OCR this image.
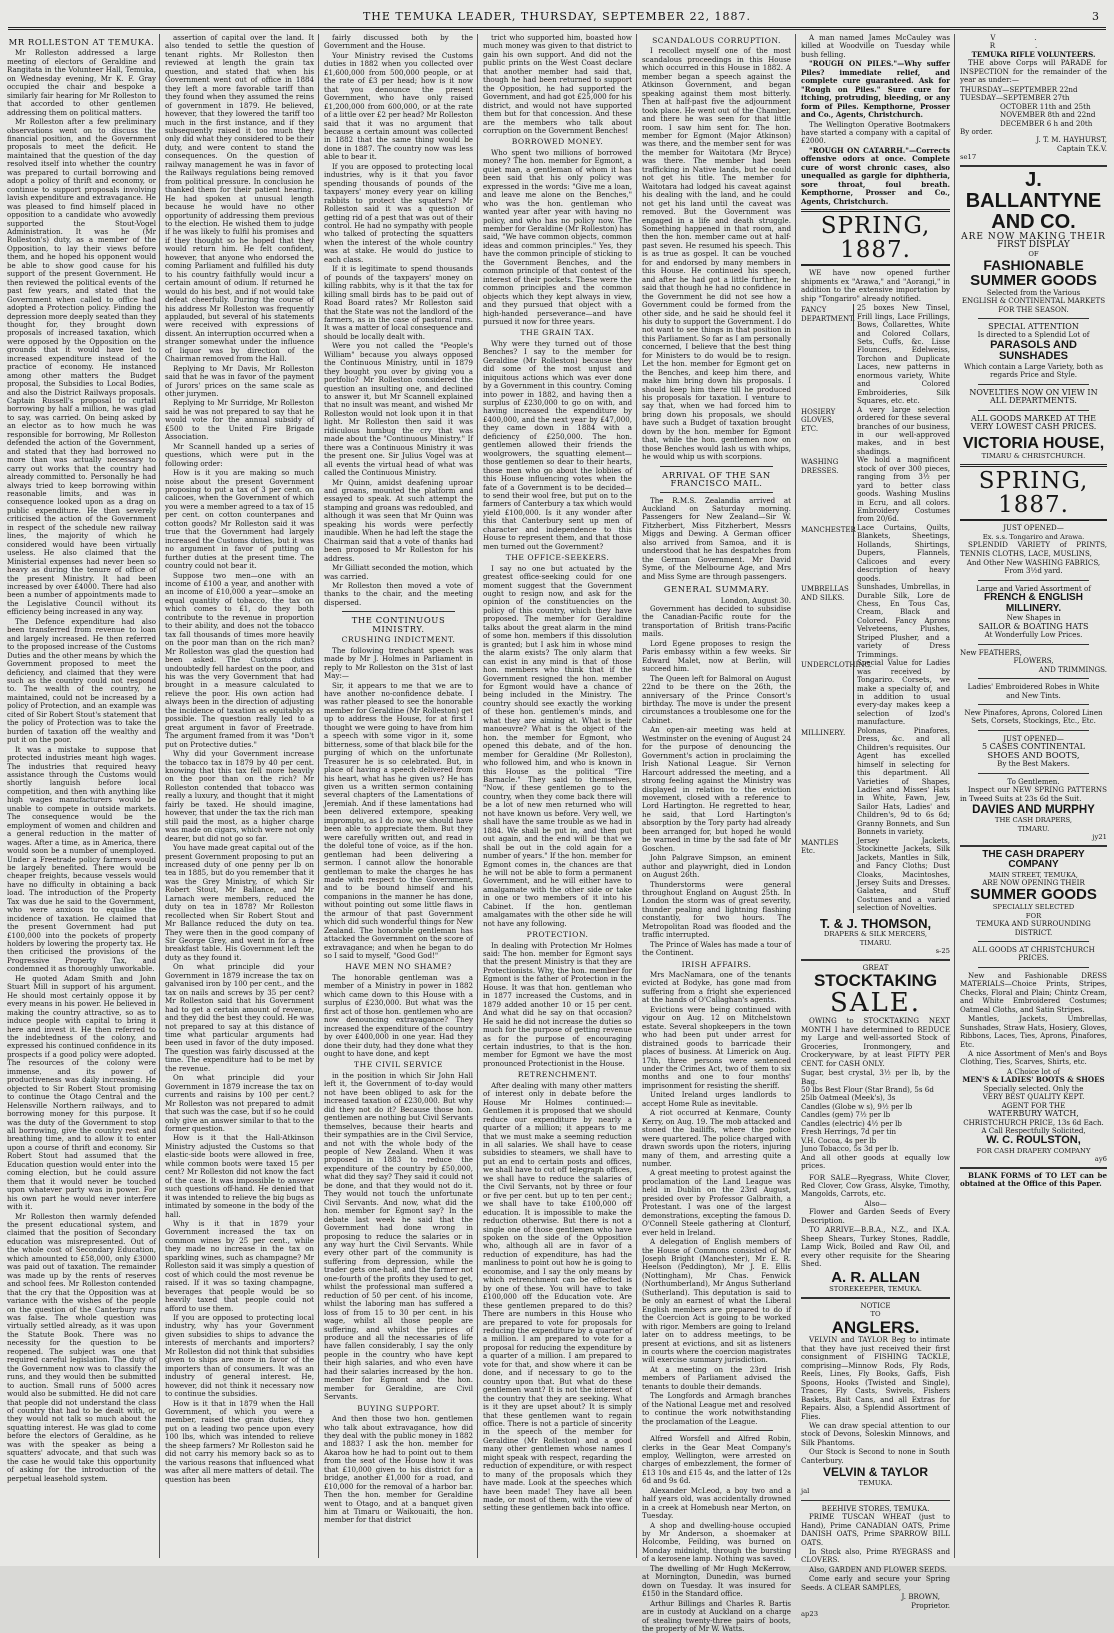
THE TEMUKA LEADER, THURSDAY, SEPTEMBER 22, 1887.	3
MR ROLLESTON AT TEMUKA.

Mr Rolleston addressed a large meeting of electors of Geraldine and Rangitata in the Volunteer Hall, Temuka, on Wednesday evening, Mr K. F. Gray occupied the chair and bespoke a similarly fair hearing for Mr Rolleston to that accorded to other gentlemen addressing them on political matters.

Mr Rolleston after a few preliminary observations went on to discuss the financial position, and the Government proposals to meet the deficit. He maintained that the question of the day resolved itself into whether the country was prepared to curtail borrowing and adopt a policy of thrift and economy, or continue to support proposals involving lavish expenditure and extravagance. He was pleased to find himself placed in opposition to a candidate who avowedly supported the Stout-Vogel Administration. It was he (Mr Rolleston's) duty, as a member of the Opposition, to lay their views before them, and he hoped his opponent would be able to show good cause for his support of the present Government. He then reviewed the political events of the past few years, and stated that the Government when called to office had adopted a Protection policy. Finding the depression more deeply seated than they thought for, they brought down proposals of increased taxation, which were opposed by the Opposition on the grounds that it would have led to increased expenditure instead of the practice of economy. He instanced among other matters the Budget proposal, the Subsidies to Local Bodies, and also the District Railways proposals. Captain Russell's proposal to curtail borrowing by half a million, he was glad to say, was carried. On being asked by an elector as to how much he was responsible for borrowing, Mr Rolleston defended the action of the Government, and stated that they had borrowed no more than was actually necessary to carry out works that the country had already committed to. Personally he had always tried to keep borrowing within reasonable limits, and was in consequence looked upon as a drag on public expenditure. He then severely criticised the action of the Government in respect of the schedule new railway lines, the majority of which he considered would have been virtually useless. He also claimed that the Ministerial expenses had never been so heavy as during the tenure of office of the present Ministry. It had been increased by over £4000. There had also been a number of appointments made to the Legislative Council without its efficiency being increased in any way.

The Defence expenditure had also been transferred from revenue to loan and largely increased. He then referred to the proposed increase of the Customs Duties and the other means by which the Government proposed to meet the deficiency, and claimed that they were such as the country could not respond to. The wealth of the country, he maintained, could not be increased by a policy of Protection, and an example was cited of Sir Robert Stout's statement that the policy of Protection was to take the burden of taxation off the wealthy and put it on the poor.

It was a mistake to suppose that protected industries meant high wages. The industries that required heavy assistance through the Customs would shortly languish before local competition, and then with anything like high wages manufacturers would be unable to compete in outside markets. The consequence would be the employment of women and children and a general reduction in the matter of wages. After a time, as in America, there would soon be a number of unemployed. Under a Freetrade policy farmers would be largely benefited. There would be cheaper freights, because vessels would have no difficulty in obtaining a back load. The introduction of the Property Tax was due he said to the Government, who were anxious to equalise the incidence of taxation. He claimed that the present Government had put £100,000 into the pockets of property holders by lowering the property tax. He then criticised the provisions of the Progressive Property Tax, and condemned it as thoroughly unworkable.

He quoted Adam Smith and John Stuart Mill in support of his argument. He should most certainly oppose it by every means in his power. He believed in making the country attractive, so as to induce people with capital to bring it here and invest it. He then referred to the indebtedness of the colony, and expressed his continued confidence in its prospects if a good policy were adopted. The resources of the colony were immense, and its power of productiveness was daily increasing. He objected to Sir Robert Stout promising to continue the Otago Central and the Helensville Northern railways, and to borrowing money for this purpose. It was the duty of the Government to stop all borrowing, give the country rest and breathing time, and to allow it to enter upon a course of thrift and economy. Sir Robert Stout had assumed that the Education question would enter into the coming election, but he could assure them that it would never be touched upon whatever party was in power. For his own part he would never interfere with it.

Mr Rolleston then warmly defended the present educational system, and claimed that the position of Secondary education was misrepresented. Out of the whole cost of Secondary Education, which amounted to £58,000, only £3000 was paid out of taxation. The remainder was made up by the rents of reserves and school fees. Mr Rolleston contended that the cry that the Opposition was at variance with the wishes of the people on the question of the Canterbury runs was false. The whole question was virtually settled already, as it was upon the Statute Book. There was no necessity for the question to be reopened. The subject was one that required careful legislation. The duty of the Government now was to classify the runs, and they would then be submitted to auction. Small runs of 5000 acres would also be submitted. He did not care that people did not understand the class of country that had to be dealt with, or they would not talk so much about the squatting interest. He was glad to come before the electors of Geraldine, as he was with the speaker as being a squatters' advocate, and that such was the case he would take this opportunity of asking for the introduction of the perpetual leasehold system.

assertion of capital over the land. It also tended to settle the question of tenant rights. Mr Rolleston then reviewed at length the grain tax question, and stated that when his Government went out of office in 1884 they left a more favorable tariff than they found when they assumed the reins of government in 1879. He believed, however, that they lowered the tariff too much in the first instance, and if they subsequently raised it too much they only did what they considered to be their duty, and were content to stand the consequences. On the question of railway management he was in favor of the Railways regulations being removed from political pressure. In conclusion he thanked them for their patient hearing. He had spoken at unusual length because he would have no other opportunity of addressing them previous to the election. He wished them to judge if he was likely to fulfil his promises and if they thought so he hoped that they would return him. He felt confident, however, that anyone who endorsed the coming Parliament and fulfilled his duty to his country faithfully would incur a certain amount of odium. If returned he would do his best, and if not would take defeat cheerfully. During the course of his address Mr Rolleston was frequently applauded, but several of his statements were received with expressions of dissent. An interruption occurred when a stranger somewhat under the influence of liquor was by direction of the Chairman removed from the Hall.

Replying to Mr Davis, Mr Rolleston said that he was in favor of the payment of Jurors' prices on the same scale as other jurymen.

Replying to Mr Surridge, Mr Rolleston said he was not prepared to say that he would vote for the annual subsidy of £500 to the United Fire Brigade Association.

Mr Scannell handed up a series of questions, which were put in the following order:

How is it you are making so much noise about the present Government proposing to put a tax of 3 per cent. on calicoes, when the Government of which you were a member agreed to a tax of 15 per cent. on cotton counterpanes and cotton goods? Mr Rolleston said it was true that the Government had largely increased the Customs duties, but it was no argument in favor of putting on further duties at the present time. The country could not bear it.

Suppose two men—one with an income of £100 a year, and another with an income of £10,000 a year—smoke an equal quantity of tobacco, the tax on which comes to £1, do they both contribute to the revenue in proportion to their ability, and does not the tobacco tax fall thousands of times more heavily on the poor man than on the rich man? Mr Rolleston was glad the question had been asked. The Customs duties undoubtedly fell hardest on the poor, and his was the very Government that had brought in a measure calculated to relieve the poor. His own action had always been in the direction of adjusting the incidence of taxation as equitably as possible. The question really led to a great argument in favor of Freetrade. The argument framed from it was "Don't put on Protective duties."

Why did your Government increase the tobacco tax in 1879 by 40 per cent. knowing that this tax fell more heavily on the poor than on the rich? Mr Rolleston contended that tobacco was really a luxury, and thought that it might fairly be taxed. He should imagine, however, that under the tax the rich man still paid the most, as a higher charge was made on cigars, which were not only dearer, but did not go so far.

You have made great capital out of the present Government proposing to put an increased duty of one penny per lb on tea in 1885, but do you remember that it was the Grey Ministry, of which Sir Robert Stout, Mr Ballance, and Mr Larnach were members, reduced the duty on tea in 1878? Mr Rolleston recollected when Sir Robert Stout and Mr Ballance reduced the duty on tea. They were then in the good company of Sir George Grey, and went in for a free breakfast table. His Government left the duty as they found it.

On what principle did your Government in 1879 increase the tax on galvanised iron by 100 per cent., and the tax on nails and screws by 35 per cent? Mr Rolleston said that his Government had to get a certain amount of revenue, and they did the best they could. He was not prepared to say at this distance of time what particular arguments had been used in favor of the duty imposed. The question was fairly discussed at the time. The expenditure had to be met by the revenue.

On what principle did your Government in 1879 increase the tax on currents and raisins by 100 per cent.? Mr Rolleston was not prepared to admit that such was the case, but if so he could only give an answer similar to that to the former question.

How is it that the Hall-Atkinson Ministry adjusted the Customs so that elastic-side boots were allowed in free, while common boots were taxed 15 per cent? Mr Rolleston did not know the fact of the case. It was impossible to answer such questions off-hand. He denied that it was intended to relieve the big bugs as intimated by someone in the body of the hall.

Why is it that in 1879 your Government increased the tax on common wines by 25 per cent., while they made no increase in the tax on sparkling wines, such as champagne? Mr Rolleston said it was simply a question of cost of which could the most revenue be raised. If it was so taxing champagne, beverages that people would be so heavily taxed that people could not afford to use them.

If you are opposed to protecting local industry, why has your Government given subsidies to ships to advance the interests of merchants and importers? Mr Rolleston did not think that subsidies given to ships are more in favor of the importers than of consumers. It was an industry of general interest. He, however, did not think it necessary now to continue the subsidies.

How is it that in 1879 when the Hall Government, of which you were a member, raised the grain duties, they put on a leading two pence upon every 100 lbs, which was intended to relieve the sheep farmers? Mr Rolleston said he did not carry his memory back so as to the various reasons that influenced what was after all mere matters of detail. The question has been

fairly discussed both by the Government and the House.

Your Ministry revised the Customs duties in 1882 when you collected over £1,600,000 from 500,000 people, or at the rate of £3 per head; how is it now that you denounce the present Government, who have only raised £1,200,000 from 600,000, or at the rate of a little over £2 per head? Mr Rolleston said that it was no argument that because a certain amount was collected in 1882 that the same thing would be done in 1887. The country now was less able to bear it.

If you are opposed to protecting local industries, why is it that you favor spending thousands of pounds of the taxpayers' money every year on killing rabbits to protect the squatters? Mr Rolleston said it was a question of getting rid of a pest that was out of their control. He had no sympathy with people who talked of protecting the squatters when the interest of the whole country was at stake. He would do justice to each class.

If it is legitimate to spend thousands of pounds of the taxpayers' money on killing rabbits, why is it that the tax for killing small birds has to be paid out of Road Board rates? Mr Rolleston said that the State was not the landlord of the farmers, as in the case of pastoral runs. It was a matter of local consequence and should be locally dealt with.

Were you not called the "People's William" because you always opposed the Continuous Ministry, until in 1879 they bought you over by giving you a portfolio? Mr Rolleston considered the question an insulting one, and declined to answer it, but Mr Scannell explained that no insult was meant, and wished Mr Rolleston would not look upon it in that light. Mr Rolleston then said it was ridiculous humbug the cry that was made about the "Continuous Ministry." If there was a Continuous Ministry it was the present one. Sir Julius Vogel was at all events the virtual head of what was called the Continuous Ministry.

Mr Quinn, amidst deafening uproar and groans, mounted the platform and essayed to speak. At such attempt the stamping and groans was redoubled, and although it was seen that Mr Quinn was speaking his words were perfectly inaudible. When he had left the stage the Chairman said that a vote of thanks had been proposed to Mr Rolleston for his address.

Mr Gilliatt seconded the motion, which was carried.

Mr Rolleston then moved a vote of thanks to the chair, and the meeting dispersed.

THE CONTINUOUS MINISTRY.
CRUSHING INDICTMENT.

The following trenchant speech was made by Mr J. Holmes in Parliament in reply to Mr Rolleston on the 31st of last May:—

Sir, it appears to me that we are to have another no-confidence debate. I was rather pleased to see the honorable member for Geraldine (Mr Rolleston) get up to address the House, for at first I thought we were going to have from him a speech with some vigor in it, some bitterness, some of that black bile for the purging of which on the unfortunate Treasurer he is so celebrated. But, in place of having a speech delivered from his heart, what has he given us? He has given us a written sermon containing several chapters of the Lamentations of Jeremiah. And if these lamentations had been delivered extempore, speaking impromptu, as I do now, we should have been able to appreciate them. But they were carefully written out, and read in the doleful tone of voice, as if the hon. gentleman had been delivering a sermon. I cannot allow the honorable gentleman to make the charges he has made with respect to the Government, and to be bound himself and his companions in the manner he has done, without pointing out some little flaws in the armour of that past Government which did such wonderful things for New Zealand. The honorable gentleman has attacked the Government on the score of extravagance; and when he began to do so I said to myself, "Good God!"

HAVE MEN NO SHAME?

The honorable gentleman was a member of a Ministry in power in 1882 which came down to this House with a surplus of £230,000. But what was the first act of those hon. gentlemen who are now denouncing extravagance? They increased the expenditure of the country by over £400,000 in one year. Had they done their duty, had they done what they ought to have done, and kept

THE CIVIL SERVICE

in the position in which Sir John Hall left it, the Government of to-day would not have been obliged to ask for the increased taxation of £230,000. But why did they not do it? Because those hon. gentlemen are nothing but Civil Servants themselves, because their hearts and their sympathies are in the Civil Service, and not with the whole body of the people of New Zealand. When it was proposed in 1883 to reduce the expenditure of the country by £50,000, what did they say? They said it could not be done, and that they would not do it. They would not touch the unfortunate Civil Servants. And now, what did the hon. member for Egmont say? In the debate last week he said that the Government had done wrong in proposing to reduce the salaries or in any way hurt the Civil Servants. While every other part of the community is suffering from depression, while the trader gets one-half, and the farmer not one-fourth of the profits they used to get, whilst the professional man suffered a reduction of 50 per cent. of his income, whilst the laboring man has suffered a loss of from 15 to 30 per cent. in his wage, whilst all those people are suffering, and whilst the prices of produce and all the necessaries of life have fallen considerably, I say the only people in the country who have kept their high salaries, and who even have had their salaries increased by the hon. member for Egmont and the hon. member for Geraldine, are Civil Servants.

BUYING SUPPORT.

And then those two hon. gentlemen who talk about extravagance, how did they deal with the public money in 1882 and 1883? I ask the hon. member for Akaroa how he had to point out to them from the seat of the House how it was that £10,000 given to his district for a bridge, another £1,000 for a road, and £10,000 for the removal of a harbor bar. Then the hon. member for Geraldine went to Otago, and at a banquet given him at Timaru or Waikouaiti, the hon. member for that district

trict who supported him, boasted how much money was given to that district to gain his own support. And did not the public prints on the West Coast declare that another member had said that, though he had been returned to support the Opposition, he had supported the Government, and had got £25,000 for his district, and would not have supported them but for that concession. And these are the members who talk about corruption on the Government Benches!

BORROWED MONEY.

Who spent two millions of borrowed money? The hon. member for Egmont, a quiet man, a gentleman of whom it has been said that his only policy was expressed in the words: "Give me a loan, and leave me alone on the Benches," who was the hon. gentleman who wanted year after year with having no policy, and who has no policy now. The member for Geraldine (Mr Rolleston) has said, "We have common objects, common ideas and common principles." Yes, they have the common principle of sticking to the Government Benches, and the common principle of that contest of the interest of their pockets. These were the common principles and the common objects which they kept always in view, and they pursued that object with a high-handed perseverance—and have pursued it now for three years.

THE GRAIN TAX.

Why were they turned out of those Benches? I say to the member for Geraldine (Mr Rolleston) because they did some of the most unjust and iniquitous actions which was ever done by a Government in this country. Coming into power in 1882, and having then a surplus of £230,000 to go on with, and having increased the expenditure by £400,000, and the next year by £47,000, they came down in 1884 with a deficiency of £250,000. The hon. gentlemen allowed their friends the woolgrowers, the squatting element—those gentlemen so dear to their hearts, those men who go about the lobbies of this House influencing votes when the fate of a Government is to be decided—to send their wool free, but put on to the farmers of Canterbury a tax which would yield £100,000. Is it any wonder after this that Canterbury sent up men of character and independence to this House to represent them, and that those men turned out the Government?

THE OFFICE-SEEKERS.

I say no one but actuated by the greatest office-seeking could for one moment suggest that the Government ought to resign now, and ask for the opinion of the constituencies on the policy of this country, which they have proposed. The member for Geraldine talks about the great alarm in the mind of some hon. members if this dissolution is granted; but I ask him in whose mind the alarm exists? The only alarm that can exist in any mind is that of those hon. members who think that if the Government resigned the hon. member for Egmont would have a chance of being included in the Ministry. The country should see exactly the working of these hon. gentlemen's minds, and what they are aiming at. What is their manoeuvre? What is the object of the hon. the member for Egmont, who opened this debate, and of the hon. member for Geraldine (Mr Rolleston), who followed him, and who is known in this House as the political "Tire Barnacle." They said to themselves, "Now, if these gentlemen go to the country, when they come back there will be a lot of new men returned who will not have known us before. Very well, we shall have the same trouble as we had in 1884. We shall be put in, and then put out again, and the end will be that we shall be out in the cold again for a number of years." If the hon. member for Egmont comes in, the chances are that he will not be able to form a permanent Government, and he will either have to amalgamate with the other side or take in one or two members of it into his Cabinet. If the hon. gentleman amalgamates with the other side he will not have any following.

PROTECTION.

In dealing with Protection Mr Holmes said: The hon. member for Egmont says that the present Ministry is that they are Protectionists. Why, the hon. member for Egmont is the father of Protection in the House. It was that hon. gentleman who in 1877 increased the Customs, and in 1879 added another 10 or 15 per cent. And what did he say on that occasion? He said he did not increase the duties so much for the purpose of getting revenue as for the purpose of encouraging certain industries, to that is the hon. member for Egmont we have the most pronounced Protectionist in the House.

RETRENCHMENT.

After dealing with many other matters of interest only in debate before the House Mr Holmes continued:—Gentlemen it is proposed that we should reduce our expenditure by nearly a quarter of a million; it appears to me that we must make a seeming reduction in all salaries. We shall have to cease subsidies to steamers, we shall have to put an end to certain posts and offices, we shall have to cut off telegraph offices, we shall have to reduce the salaries of the Civil Servants, not by three or four or five per cent. but up to ten per cent.; we shall have to take £100,000 off education. It is impossible to make the reduction otherwise. But there is not a single one of those gentlemen who have spoken on the side of the Opposition who, although all are in favor of a reduction of expenditure, has had the manliness to point out how he is going to economise, and I say the only means by which retrenchment can be effected is by one of these. You will have to take £100,000 off the Education vote. Are these gentlemen prepared to do this? There are numbers in this House who are prepared to vote for proposals for reducing the expenditure by a quarter of a million. I am prepared to vote for a proposal for reducing the expenditure by a quarter of a million. I am prepared to vote for that, and show where it can be done, and if necessary to go to the country upon that. But what do these gentlemen want? It is not the interest of the country that they are seeking. What is it they are upset about? It is simply that these gentlemen want to regain office. There is not a particle of sincerity in the speech of the member for Geraldine (Mr Rolleston) and a good many other gentlemen whose names I might speak with respect, regarding the reduction of expenditure, or with respect to many of the proposals which they have made. Look at the speeches which have been made! They have all been made, or most of them, with the view of setting these gentlemen back into office.

SCANDALOUS CORRUPTION.

I recollect myself one of the most scandalous proceedings in this House which occurred in this House in 1882. A member began a speech against the Atkinson Government, and began speaking against them most bitterly. Then at half-past five the adjournment took place. He went out of the Chamber, and there he was seen for that little room. I saw him sent for. The hon. member for Egmont (Major Atkinson) was there, and the member sent for was the member for Waitotara (Mr Bryce) was there. The member had been trafficking in Native lands, but he could not get his title. The member for Waitotara had lodged his caveat against his dealing with the land, and he could not get his land until the caveat was removed. But the Government was engaged in a life and death struggle. Something happened in that room, and then the hon. member came out at half-past seven. He resumed his speech. This is as true as gospel. It can be vouched for and endorsed by many members in this House. He continued his speech, and after he had got a little further, he said that though he had no confidence in the Government he did not see how a Government could be formed from the other side, and he said he should feel it his duty to support the Government. I do not want to see things in that position in this Parliament. So far as I am personally concerned, I believe that the best thing for Ministers to do would be to resign. Let the hon. member for Egmont get on the Benches, and keep him there, and make him bring down his proposals. I should keep him there till he produced his proposals for taxation. I venture to say that, when we had forced him to bring down his proposals, we should have such a Budget of taxation brought down by the hon. member for Egmont that, while the hon. gentlemen now on those Benches would lash us with whips, he would whip us with scorpions.

ARRIVAL OF THE SAN FRANCISCO MAIL.

The R.M.S. Zealandia arrived at Auckland on Saturday morning. Passengers for New Zealand—Sir W. Fitzherbert, Miss Fitzherbert, Messrs Miggs and Dewing. A German officer also arrived from Samoa, and it is understood that he has despatches from the German Government. Mr David Syme, of the Melbourne Age, and Mrs and Miss Syme are through passengers.

GENERAL SUMMARY.
London, August 30.

Government has decided to subsidise the Canadian-Pacific route for the transportation of British trans-Pacific mails.

Lord Egene proposes to resign the Paris embassy within a few weeks. Sir Edward Malet, now at Berlin, will succeed him.

The Queen left for Balmoral on August 22nd to be there on the 26th, the anniversary of the Prince Consort's birthday. The move is under the present circumstances a troublesome one for the Cabinet.

An open-air meeting was held at Westminster on the evening of August 24 for the purpose of denouncing the Government's action in proclaiming the Irish National League. Sir Vernon Harcourt addressed the meeting, and a strong feeling against the Ministry was displayed in relation to the eviction movement, closed with a reference to Lord Hartington. He regretted to hear, he said, that Lord Hartington's absorption by the Tory party had already been arranged for, but hoped he would be warned in time by the sad fate of Mr Goschen.

John Palgrave Simpson, an eminent author and playwright, died in London on August 26th.

Thunderstorms were general throughout England on August 25th. In London the storm was of great severity, thunder pealing and lightning flashing constantly, for two hours. The Metropolitan Road was flooded and the traffic interrupted.

The Prince of Wales has made a tour of the Continent.

IRISH AFFAIRS.

Mrs MacNamara, one of the tenants evicted at Bodyke, has gone mad from suffering from a fright she experienced at the hands of O'Callaghan's agents.

Evictions were being continued with vigour on Aug. 12 on Mitchelstown estate. Several shopkeepers in the town who had been put under arrest for distrained goods to barricade their places of business. At Limerick on Aug. 17th, three persons were sentenced under the Crimes Act, two of them to six months and one to four months' imprisonment for resisting the sheriff.

United Ireland urges landlords to accept Home Rule as inevitable.

A riot occurred at Kenmare, County Kerry, on Aug. 19. The mob attacked and stoned the bailiffs, where the police were quartered. The police charged with drawn swords upon the rioters, injuring many of them, and arresting quite a number.

A great meeting to protest against the proclamation of the Land League was held in Dublin on the 23rd August, presided over by Professor Galbraith, a Protestant. I was one of the largest demonstrations, excepting the famous D. O'Connell Steele gathering at Clonturf, ever held in Ireland.

A delegation of English members of the House of Commons consisted of Mr Joseph Bright (Manchester), Mr E. R. Heelson (Peddington), Mr J. E. Ellis (Nottingham), Mr Chas. Fenwick (Northumberland), Mr Angus Sutherland (Sutherland). This deputation is said to be only an earnest of what the Liberal English members are prepared to do if the Coercion Act is going to be worked with rigor. Members are going to Ireland later on to address meetings, to be present at evictions, and sit as listeners in courts where the coercion magistrates will exercise summary jurisdiction.

At a meeting on the 23rd Irish members of Parliament advised the tenants to double their demands.

The Longfords and Armagh branches of the National League met and resolved to continue the work notwithstanding the proclamation of the League.

Alfred Worsfell and Alfred Robin, clerks in the Gear Meat Company's employ, Wellington, were arrested on charges of embezzlement, the former of £13 10s and £15 4s, and the latter of 12s 6d and 9s 6d.

Alexander McLeod, a boy two and a half years old, was accidentally drowned in a creek at Homebush near Merton, on Tuesday.

A shop and dwelling-house occupied by Mr Anderson, a shoemaker at Holcombe, Feilding, was burned on Monday midnight, through the bursting of a kerosene lamp. Nothing was saved.

The dwelling of Mr Hugh McKerrow, at Mornington, Dunedin, was burned down on Tuesday. It was insured for £150 in the Standard office.

Arthur Billings and Charles R. Bartis are in custody at Auckland on a charge of stealing twenty-three pairs of boots, the property of Mr W. Watts.

A man named James McCauley was killed at Woodville on Tuesday while bush felling.

"ROUGH ON PILES."—Why suffer Piles? immediate relief, and complete cure guaranteed. Ask for "Rough on Piles." Sure cure for itching, protruding, bleeding, or any form of Piles. Kempthorne, Prosser and Co., Agents, Christchurch.

The Wellington Operative Bootmakers have started a company with a capital of £2000.

"ROUGH ON CATARRH."—Corrects offensive odors at once. Complete cure of worst chronic cases, also unequalled as gargle for diphtheria, sore throat, foul breath. Kempthorne, Prosser and Co., Agents, Christchurch.

SPRING, 1887.

WE have now opened further shipments ex "Arawa," and "Aorangi," in addition to the extensive importation by ship "Tongariro" already notified.

FANCY DEPARTMENT.
25 boxes New Tinsel, Frill lings, Lace Frillings, Bows, Collarettes, White and Colored Collars, Sets, Cuffs, &c. Lisse Flounces, Edelweiss, Torchon and Duplicate Laces, new patterns in enormous variety, White and Colored Embroideries, Silk Squares, etc. etc.
HOSIERY GLOVES, ETC.
A very large selection ordered for these several branches of our business, in our well-approved makes, and in best shadings.
WASHING DRESSES.
We hold a magnificent stock of over 300 pieces, ranging from 3½ per yard to better class goods. Washing Muslins in Ecru, and all colors. Embroidery Costumes from 20/6d.
MANCHESTER Lace Curtains, Quilts, Blankets, Sheetings, Hollands, Shirtings, Dupers, Flannels, Calicoes and every description of heavy goods.
UMBRELLAS AND SILKS.
Sunshades, Umbrellas, in Durable Silk, Lore de Chess, En Tous Cas, Cream, Black and Colored. Fancy Aprons Velveteens, Plushes, Striped Plusher, and a variety of Dress Trimmings.
UNDERCLOTHING.
Special Value for Ladies was received by Tongariro. Corsets, we make a specialty of, and in addition to usual every-day makes keep a selection of Izod's manufacture.
MILLINERY.	Polonas, Pinafores, Dress, &c. and all Children's requisites. Our Agent has excelled himself in selecting for this department. All Varieties of Shapes, Ladies' and Misses' Hats in White, Fawn, Jew, Sailor Hats, Ladies' and Children's, 9d to 6s 6d; Granny Bonnets, and Sun Bonnets in variety.
MANTLES Etc.
Jersey Jackets, Stockinette Jackets, Silk Jackets, Mantles in Silk, and Fancy Cloths; Dust Cloaks, Macintoshes, Jersey Suits and Dresses. Galatea, and Stuff Costumes and a varied selection of Novelties.
T. & J. THOMSON,
DRAPERS & SILK MERCERS,
TIMARU.
s-25
GREAT
STOCKTAKING
SALE.

OWING to STOCKTAKING NEXT MONTH I have determined to REDUCE my Large and well-assorted Stock of Groceries, Ironmongery, and Crockeryware, by at least FIFTY PER CENT. for CASH ONLY.

Sugar, best crystal, 3½ per lb, by the Bag.
50 lbs Best Flour (Star Brand), 5s 6d
25lb Oatmeal (Meek's), 3s
Candles (Globe w s), 9½ per lb
Candles (gem) 7½ per lb
Candles (electric) 4½ per lb
Fresh Herrings, 7d per tin
V.H. Cocoa, 4s per lb
Juno Tobacco, 5s 3d per lb.
And all other goods at equally low prices.

FOR SALE—Ryegrass, White Clover, Red Clover, Cow Grass, Alsyke, Timothy, Mangolds, Carrots, etc.

Also—

Flower and Garden Seeds of Every Description.

TO ARRIVE—B.B.A., N.Z., and IX.A. Sheep Shears, Turkey Stones, Raddle, Lamp Wick, Boiled and Raw Oil, and every other requisite for the Shearing Shed.

A. R. ALLAN
STOREKEEPER, TEMUKA.
NOTICE
TO
ANGLERS.

VELVIN and TAYLOR Beg to intimate that they have just received their first consignment of FISHING TACKLE, comprising—Minnow Rods, Fly Rods, Reels, Lines, Fly Books, Gaffs, Fish Spoons, Hooks (Twisted and Single), Traces, Fly Casts, Swivels, Fishers Baskets, Bait Cans, and all Extras for Repairs. Also, a Splendid Assortment of Flies.

We can draw special attention to our stock of Devons, Soleskin Minnows, and Silk Phantoms.

Our Stock is Second to none in South Canterbury.

VELVIN & TAYLOR
TEMUKA.
jal
BEEHIVE STORES, TEMUKA.

PRIME TUSCAN WHEAT (just to Hand), Prime CANADIAN OATS, Prime DANISH OATS, Prime SPARROW BILL OATS.

In Stock also, Prime RYEGRASS and CLOVERS.

Also, GARDEN AND FLOWER SEEDS.

Come early and secure your Spring Seeds. A CLEAR SAMPLES,

J. BROWN,
Proprietor.
ap23
V. R.
TEMUKA RIFLE VOLUNTEERS.

THE above Corps will PARADE for INSPECTION for the remainder of the year as under:—

THURSDAY—SEPTEMBER 22nd
TUESDAY—SEPTEMBER 27th
OCTOBER 11th and 25th
NOVEMBER 8th and 22nd
DECEMBER 6 h and 20th
By order.
J. T. M. HAYHURST,
Captain T.K.V.
se17
J. BALLANTYNE
AND CO.
ARE NOW MAKING THEIR
FIRST DISPLAY
OF
FASHIONABLE
SUMMER GOODS
Selected from the Various
ENGLISH & CONTINENTAL MARKETS FOR THE SEASON.
SPECIAL ATTENTION
Is directed to a Splendid Lot of
PARASOLS AND SUNSHADES
Which contain a Large Variety, both as regards Price and Style.
NOVELTIES NOW ON VIEW IN ALL DEPARTMENTS.
ALL GOODS MARKED AT THE VERY LOWEST CASH PRICES.
VICTORIA HOUSE,
TIMARU & CHRISTCHURCH.
SPRING, 1887.
JUST OPENED—
Ex. s.s. Tongariro and Arawa.

SPLENDID VARIETY of PRINTS, TENNIS CLOTHS, LACE, MUSLINS,

And Other New WASHING FABRICS, From 3½d yard.
Large and Varied Assortment of
FRENCH & ENGLISH MILLINERY.
New Shapes in
SAILOR & BOATING HATS
At Wonderfully Low Prices.
New FEATHERS,
FLOWERS,
AND TRIMMINGS.
Ladies' Embroidered Robes in White and New Tints.
New Pinafores, Aprons, Colored Linen Sets, Corsets, Stockings, Etc., Etc.
JUST OPENED—
5 CASES CONTINENTAL
SHOES AND BOOTS,
By the Best Makers.
To Gentlemen.

Inspect our NEW SPRING PATTERNS in Tweed Suits at 23s 6d the Suit.

DAVIES AND MURPHY
THE CASH DRAPERS,
TIMARU.
jy21
THE CASH DRAPERY COMPANY
MAIN STREET, TEMUKA,
ARE NOW OPENING THEIR
SUMMER GOODS
SPECIALLY SELECTED
FOR
TEMUKA AND SURROUNDING DISTRICT.
ALL GOODS AT CHRISTCHURCH PRICES.

New and Fashionable DRESS MATERIALS—Choice Prints, Stripes, Checks, Floral and Plain; Chintz Cream, and White Embroidered Costumes; Oatmeal Cloths, and Satin Stripes.

Mantles, Jackets, Umbrellas, Sunshades, Straw Hats, Hosiery, Gloves, Ribbons, Laces, Ties, Aprons, Pinafores, Etc.

A nice Assortment of Men's and Boys Clothing, Ties, Scarves, Shirts, etc.

A Choice lot of
MEN'S & LADIES' BOOTS & SHOES
Specially selected. Only the
VERY BEST QUALITY KEPT.
AGENT FOR THE
WATERBURY WATCH,
CHRISTCHURCH PRICE, 13s 6d Each.
A Call Respectfully Solicited,
W. C. ROULSTON,
FOR CASH DRAPERY COMPANY
ay6

BLANK FORMS of TO LET can be obtained at the Office of this Paper.
